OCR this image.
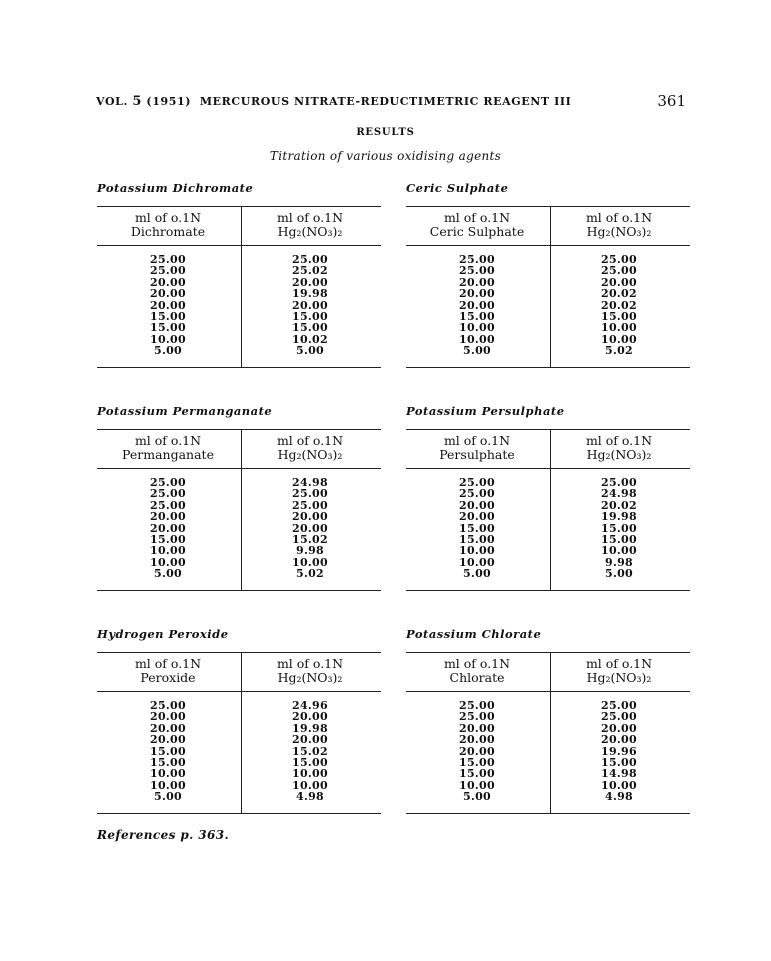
VOL. 5 (1951) MERCUROUS NITRATE-REDUCTIMETRIC REAGENT III	361
RESULTS
Titration of various oxidising agents
Potassium Dichromate
ml of o.1N
Dichromate
ml of o.1N
Hg₂(NO₃)₂
25.00
25.00
20.00
20.00
20.00
15.00
15.00
10.00
5.00
25.00
25.02
20.00
19.98
20.00
15.00
15.00
10.02
5.00
Ceric Sulphate
ml of o.1N
Ceric Sulphate
ml of o.1N
Hg₂(NO₃)₂
25.00
25.00
20.00
20.00
20.00
15.00
10.00
10.00
5.00
25.00
25.00
20.00
20.02
20.02
15.00
10.00
10.00
5.02
Potassium Permanganate
ml of o.1N
Permanganate
ml of o.1N
Hg₂(NO₃)₂
25.00
25.00
25.00
20.00
20.00
15.00
10.00
10.00
5.00
24.98
25.00
25.00
20.00
20.00
15.02
9.98
10.00
5.02
Potassium Persulphate
ml of o.1N
Persulphate
ml of o.1N
Hg₂(NO₃)₂
25.00
25.00
20.00
20.00
15.00
15.00
10.00
10.00
5.00
25.00
24.98
20.02
19.98
15.00
15.00
10.00
9.98
5.00
Hydrogen Peroxide
ml of o.1N
Peroxide
ml of o.1N
Hg₂(NO₃)₂
25.00
20.00
20.00
20.00
15.00
15.00
10.00
10.00
5.00
24.96
20.00
19.98
20.00
15.02
15.00
10.00
10.00
4.98
Potassium Chlorate
ml of o.1N
Chlorate
ml of o.1N
Hg₂(NO₃)₂
25.00
25.00
20.00
20.00
20.00
15.00
15.00
10.00
5.00
25.00
25.00
20.00
20.00
19.96
15.00
14.98
10.00
4.98
References p. 363.
